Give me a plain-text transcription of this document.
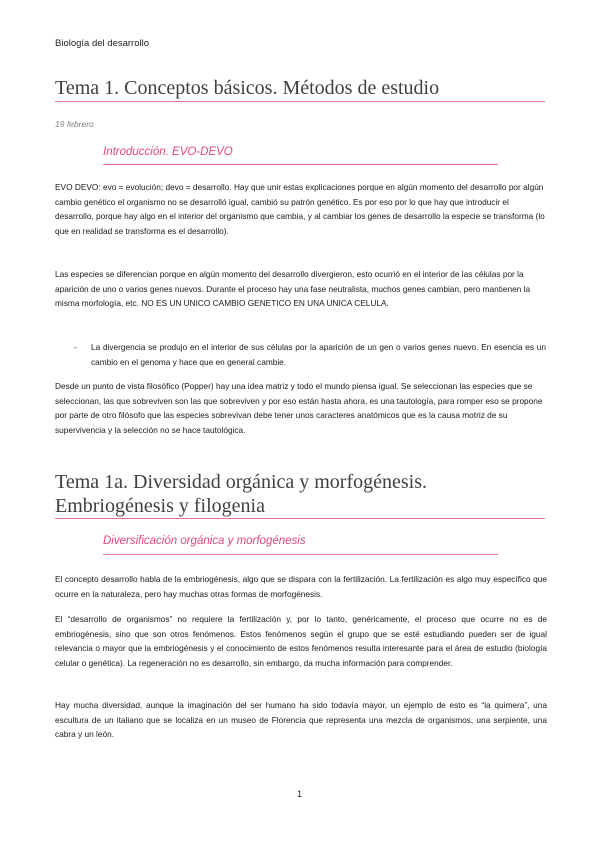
Biología del desarrollo
Tema 1. Conceptos básicos. Métodos de estudio
19 febrero
Introducción. EVO-DEVO

EVO DEVO: evo = evolución; devo = desarrollo. Hay que unir estas explicaciones porque en algún momento del desarrollo por algún cambio genético el organismo no se desarrolló igual, cambió su patrón genético. Es por eso por lo que hay que introducir el desarrollo, porque hay algo en el interior del organismo que cambia, y al cambiar los genes de desarrollo la especie se transforma (lo que en realidad se transforma es el desarrollo).

Las especies se diferencian porque en algún momento del desarrollo divergieron, esto ocurrió en el interior de las células por la aparición de uno o varios genes nuevos. Durante el proceso hay una fase neutralista, muchos genes cambian, pero mantienen la misma morfología, etc. NO ES UN UNICO CAMBIO GENETICO EN UNA UNICA CELULA.

- La divergencia se produjo en el interior de sus células por la aparición de un gen o varios genes nuevo. En esencia es un cambio en el genoma y hace que en general cambie.

Desde un punto de vista filosófico (Popper) hay una idea matriz y todo el mundo piensa igual. Se seleccionan las especies que se seleccionan, las que sobreviven son las que sobreviven y por eso están hasta ahora, es una tautología, para romper eso se propone por parte de otro filósofo que las especies sobrevivan debe tener unos caracteres anatómicos que es la causa motriz de su supervivencia y la selección no se hace tautológica.

Tema 1a. Diversidad orgánica y morfogénesis.
Embriogénesis y filogenia
Diversificación orgánica y morfogénesis

El concepto desarrollo habla de la embriogénesis, algo que se dispara con la fertilización. La fertilización es algo muy específico que ocurre en la naturaleza, pero hay muchas otras formas de morfogénesis.

El “desarrollo de organismos” no requiere la fertilización y, por lo tanto, genéricamente, el proceso que ocurre no es de embriogénesis, sino que son otros fenómenos. Estos fenómenos según el grupo que se esté estudiando pueden ser de igual relevancia o mayor que la embriogénesis y el conocimiento de estos fenómenos resulta interesante para el área de estudio (biología celular o genética). La regeneración no es desarrollo, sin embargo, da mucha información para comprender.

Hay mucha diversidad, aunque la imaginación del ser humano ha sido todavía mayor, un ejemplo de esto es “la quimera”, una escultura de un italiano que se localiza en un museo de Florencia que representa una mezcla de organismos, una serpiente, una cabra y un león.

1
